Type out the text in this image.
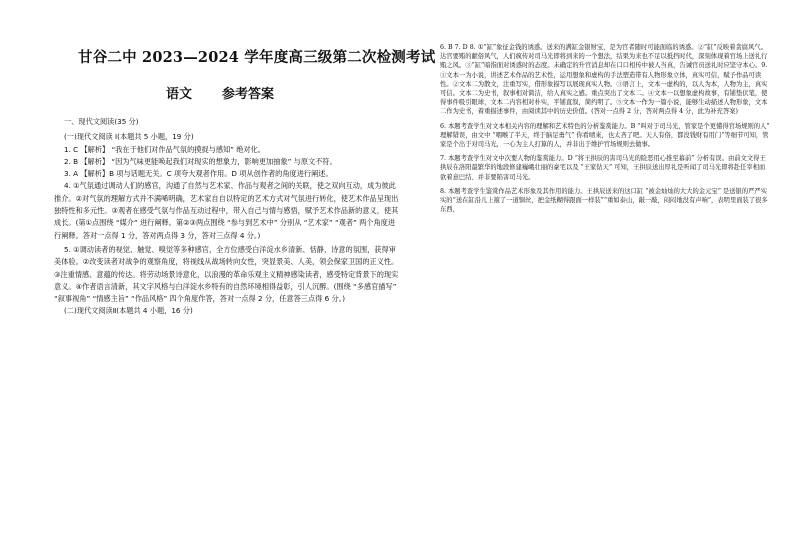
甘谷二中 2023—2024 学年度高三级第二次检测考试
语文 参考答案

一、现代文阅读(35 分)

(一)现代文阅读 I(本题共 5 小题，19 分)

1. C 【解析】 “我在于他们对作品气氛的摸捉与感知” 绝对化。

2. B 【解析】 “因为气味更能唤起我们对现实的想象力，影响更加抽象” 与原文不符。

3. A 【解析】B 项与话题无关。C 项夸大观者作用。D 项从创作者的角度进行阐述。

4. ①气氛通过调动人们的感官，沟通了自然与艺术家、作品与观者之间的关联，使之双向互动，成为彼此推介。②对气氛的理解方式并不满唏明确，艺术家自自以特定的艺术方式对气氛进行转化，使艺术作品呈现出独特性和多元性。③观者在感受气氛与作品互动过程中，带入自己与情与感悟，赋予艺术作品新的意义，使其成长。(第①点围绕 “媒介” 进行阐释。第②③两点围绕 “参与到艺术中” 分别从 “艺术家” “观者” 两个角度进行阐释。答对一点得 1 分，答对两点得 3 分，答对三点得 4 分。)

5. ①调动读者的视觉、触觉、嗅觉等多种感官，全方位感受白洋淀水乡清新、恬静、诗意的氛围，获得审美体验。②改变读者对战争的观察角度，将视线从战场转向女性，突显景美、人美，领会保家卫国的正义性。③注重情感、意蕴的传达。将劳动场景诗意化，以浪漫的革命乐观主义精神感染读者，感受特定背景下的现实意义。④作者语言清新，其文字风格与白洋淀水乡特有的自然环境相得益彰，引人沉醉。(围绕 “多感官描写” “叙事视角” “情感主旨” “作品风格” 四个角度作答，答对一点得 2 分，任意答三点得 6 分。)

(二)现代文阅读Ⅱ(本题共 4 小题，16 分)

6. B 7. D 8. ①“缸”象征金钱的诱惑。送来的满缸金银财宝，是为官者随时可能面临的诱惑。②“缸”反映着贪腐风气。达官要贿的献俗风气，人们疯传对司马光即将到来的一个想法，结果为来也不足以抵挡时代，深刻体现着官场上送礼行贿之风。③“缸”暗指面对诱惑时的态度。未确定的升官消息却在口口相传中被人当真，告诫官员送礼时应坚守本心。9. ①文本一为小说，讲述艺术作品的艺术性，运用想象和虚构的手法塑造带有人物形象立体，真实可信，赋予作品可读性。②文本二为散文，注重写实，借形象描写以展现真实人物。③语言上，文本一虚构的，以人为本，人物为主，真实可信。文本二为史书，叙事相对简洁，给人真实之感。重点突出了文本二。④文本一以想象虚构故事，有铺垫伏笔，使得事件吸引眼球，文本二内容相对朴实，平铺直叙，简约明了。⑤文本一作为一篇小说，能够生动描述人物形象，文本二作为史书，着重描述事件，由阅读其中的历史价值。(答对一点得 2 分，答对两点得 4 分，此为补充答案)

6. 本题考查学生对文本相关内容的理解和艺术特色的分析鉴赏能力。B “叫对于司马光，管家是个更懂得官场规则的人” 理解错误，由文中 “咽喉了半天，终于脑足勇气” 你看晴來，也太吝了吧。天人有俗，都没钱财有用门“等细节可知，管家是个出于对司马光，一心为主人打算的人，并非出于维护官场规则去做事。

7. 本题考查学生对文中次要人物的鉴赏能力。D “将王拱辰的害司马光的险恶用心推至幕前” 分析有误。由前文文得王拱辰在洛阳最繁华的地段修建巍峨壮丽的豪宅以及 “王家钻天” 可知，王拱辰送出厚礼是听闻了司马光即将赴任宰相而欲着意巴结、并非要陷害司马光。

8. 本题考查学生鉴赏作品艺术形象及其作用的能力。王拱辰送来的这口缸 “被金灿灿的大大的金元宝” 是送银的严严实实的“送在缸沿儿上箍了一道铜丝，把金纸糊得跟面一样装”“重如泰山，敲一敲，闷闷地没有声响”，表明里面装了很多东西，
